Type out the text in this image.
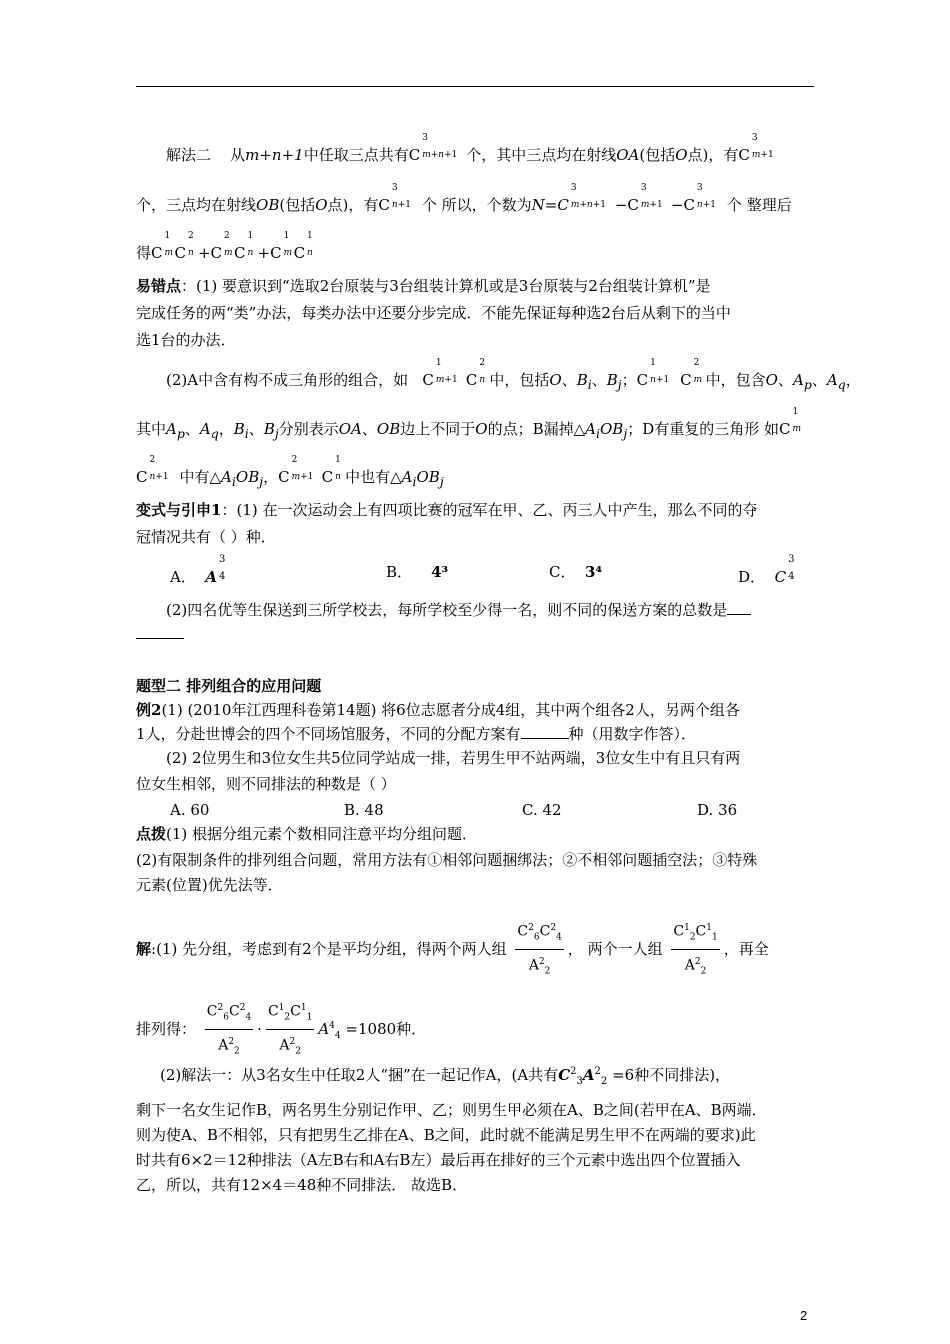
解法二 从m+n+1中任取三点共有C
3
m+n+1 个，其中三点均在射线OA(包括O点)，有C
3
m+1
个，三点均在射线OB(包括O点)，有C
3
n+1 个 所以，个数为N=C
3
m+n+1 −C
3
m+1 −C
3
n+1 个 整理后
得C
1
m C
2
n +C
2
m C
1
n +C
1
m C
1
n
易错点：(1) 要意识到“选取2台原装与3台组装计算机或是3台原装与2台组装计算机”是
完成任务的两“类”办法，每类办法中还要分步完成．不能先保证每种选2台后从剩下的当中
选1台的办法．
(2)A中含有构不成三角形的组合，如   C
1
m+1 C
2
n 中，包括O、$B_i$、$B_j$；C
1
n+1 C
2
m 中，包含O、$A_p$、$A_q$，
其中$A_p$、$A_q$，$B_i$、$B_j$分别表示OA、OB边上不同于O的点；B漏掉$\triangle A_iOB_j$；D有重复的三角形 如C
1
m
C
2
n+1 中有$\triangle A_iOB_j$，C
2
m+1 C
1
n 中也有$\triangle A_iOB_j$
变式与引申1：(1) 在一次运动会上有四项比赛的冠军在甲、乙、丙三人中产生，那么不同的夺
冠情况共有（ ）种．
A． A
3
4	B． 4³	C． 3⁴	D． C
3
4
(2)四名优等生保送到三所学校去，每所学校至少得一名，则不同的保送方案的总数是
题型二 排列组合的应用问题
例2(1) (2010年江西理科卷第14题) 将6位志愿者分成4组，其中两个组各2人，另两个组各
1人，分赴世博会的四个不同场馆服务，不同的分配方案有	种（用数字作答）．
(2) 2位男生和3位女生共5位同学站成一排，若男生甲不站两端，3位女生中有且只有两
位女生相邻，则不同排法的种数是（ ）
A. 60	B. 48	C. 42	D. 36
点拨(1) 根据分组元素个数相同注意平均分组问题．
(2)有限制条件的排列组合问题，常用方法有①相邻问题捆绑法；②不相邻问题插空法；③特殊
元素(位置)优先法等．
解:(1) 先分组，考虑到有2个是平均分组，得两个两人组 $\frac{C^2_6C^2_4}{A^2_2}$ ， 两个一人组 $\frac{C^1_2C^1_1}{A^2_2}$ ，再全
排列得： $\frac{C^2_6C^2_4}{A^2_2} \cdot \frac{C^1_2C^1_1}{A^2_2} A^4_4 =1080$种．
(2)解法一：从3名女生中任取2人“捆”在一起记作A，(A共有$C^2_3A^2_2 =6$种不同排法)，
剩下一名女生记作B，两名男生分别记作甲、乙；则男生甲必须在A、B之间(若甲在A、B两端．
则为使A、B不相邻，只有把男生乙排在A、B之间，此时就不能满足男生甲不在两端的要求)此
时共有6×2＝12种排法（A左B右和A右B左）最后再在排好的三个元素中选出四个位置插入
乙，所以，共有12×4＝48种不同排法． 故选B．
2
